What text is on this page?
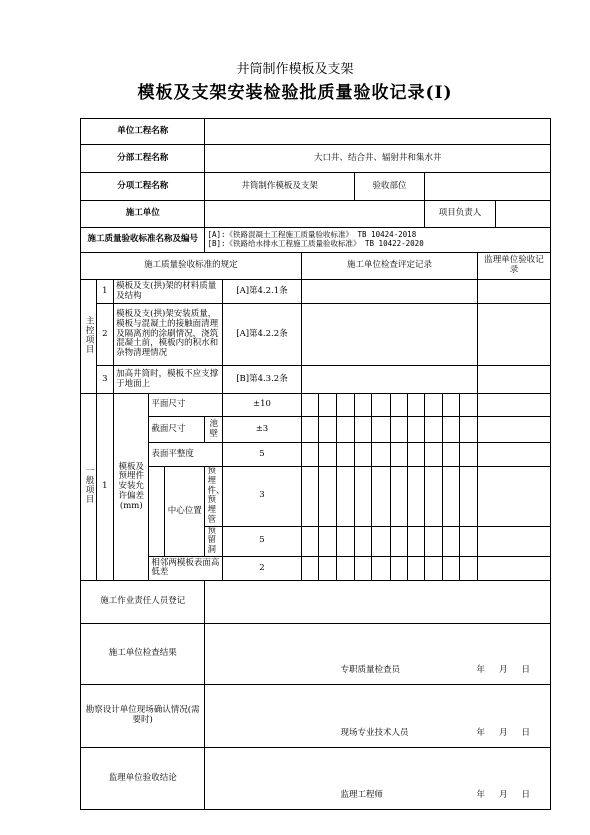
井筒制作模板及支架
模板及支架安装检验批质量验收记录(Ⅰ)
单位工程名称																		
分部工程名称					大口井、结合井、辐射井和集水井													
分项工程名称					井筒制作模板及支架					验收部位								
施工单位														项目负责人				
施工质量验收标准名称及编号					[A]:《铁路混凝土工程施工质量验收标准》 TB 10424-2018
[B]:《铁路给水排水工程施工质量验收标准》 TB 10422-2020													

施工质量验收标准的规定							施工单位检查评定记录										监理单位验收记录	
主控项目	1	模板及支(拱)架的材料质量及结构				[A]第4.2.1条												
	2	模板及支(拱)架安装质量，模板与混凝土的接触面清理及隔离剂的涂刷情况，浇筑混凝土前，模板内的积水和杂物清理情况				[A]第4.2.2条												
	3	加高井筒时，模板不应支撑于地面上				[B]第4.3.2条												
一般项目	1	模板及预埋件安装允许偏差(mm)	平面尺寸			±10												
			截面尺寸		池壁	±3												
			表面平整度			5												
				中心位置	预埋件、预埋管	3												
					预留洞	5												
			相邻两模板表面高低差			2												
施工作业责任人员登记																		
施工单位检查结果					专职质量检查员 年 月 日													

勘察设计单位现场确认情况(需要时)					现场专业技术人员 年 月 日													

监理单位验收结论					监理工程师 年 月 日													
